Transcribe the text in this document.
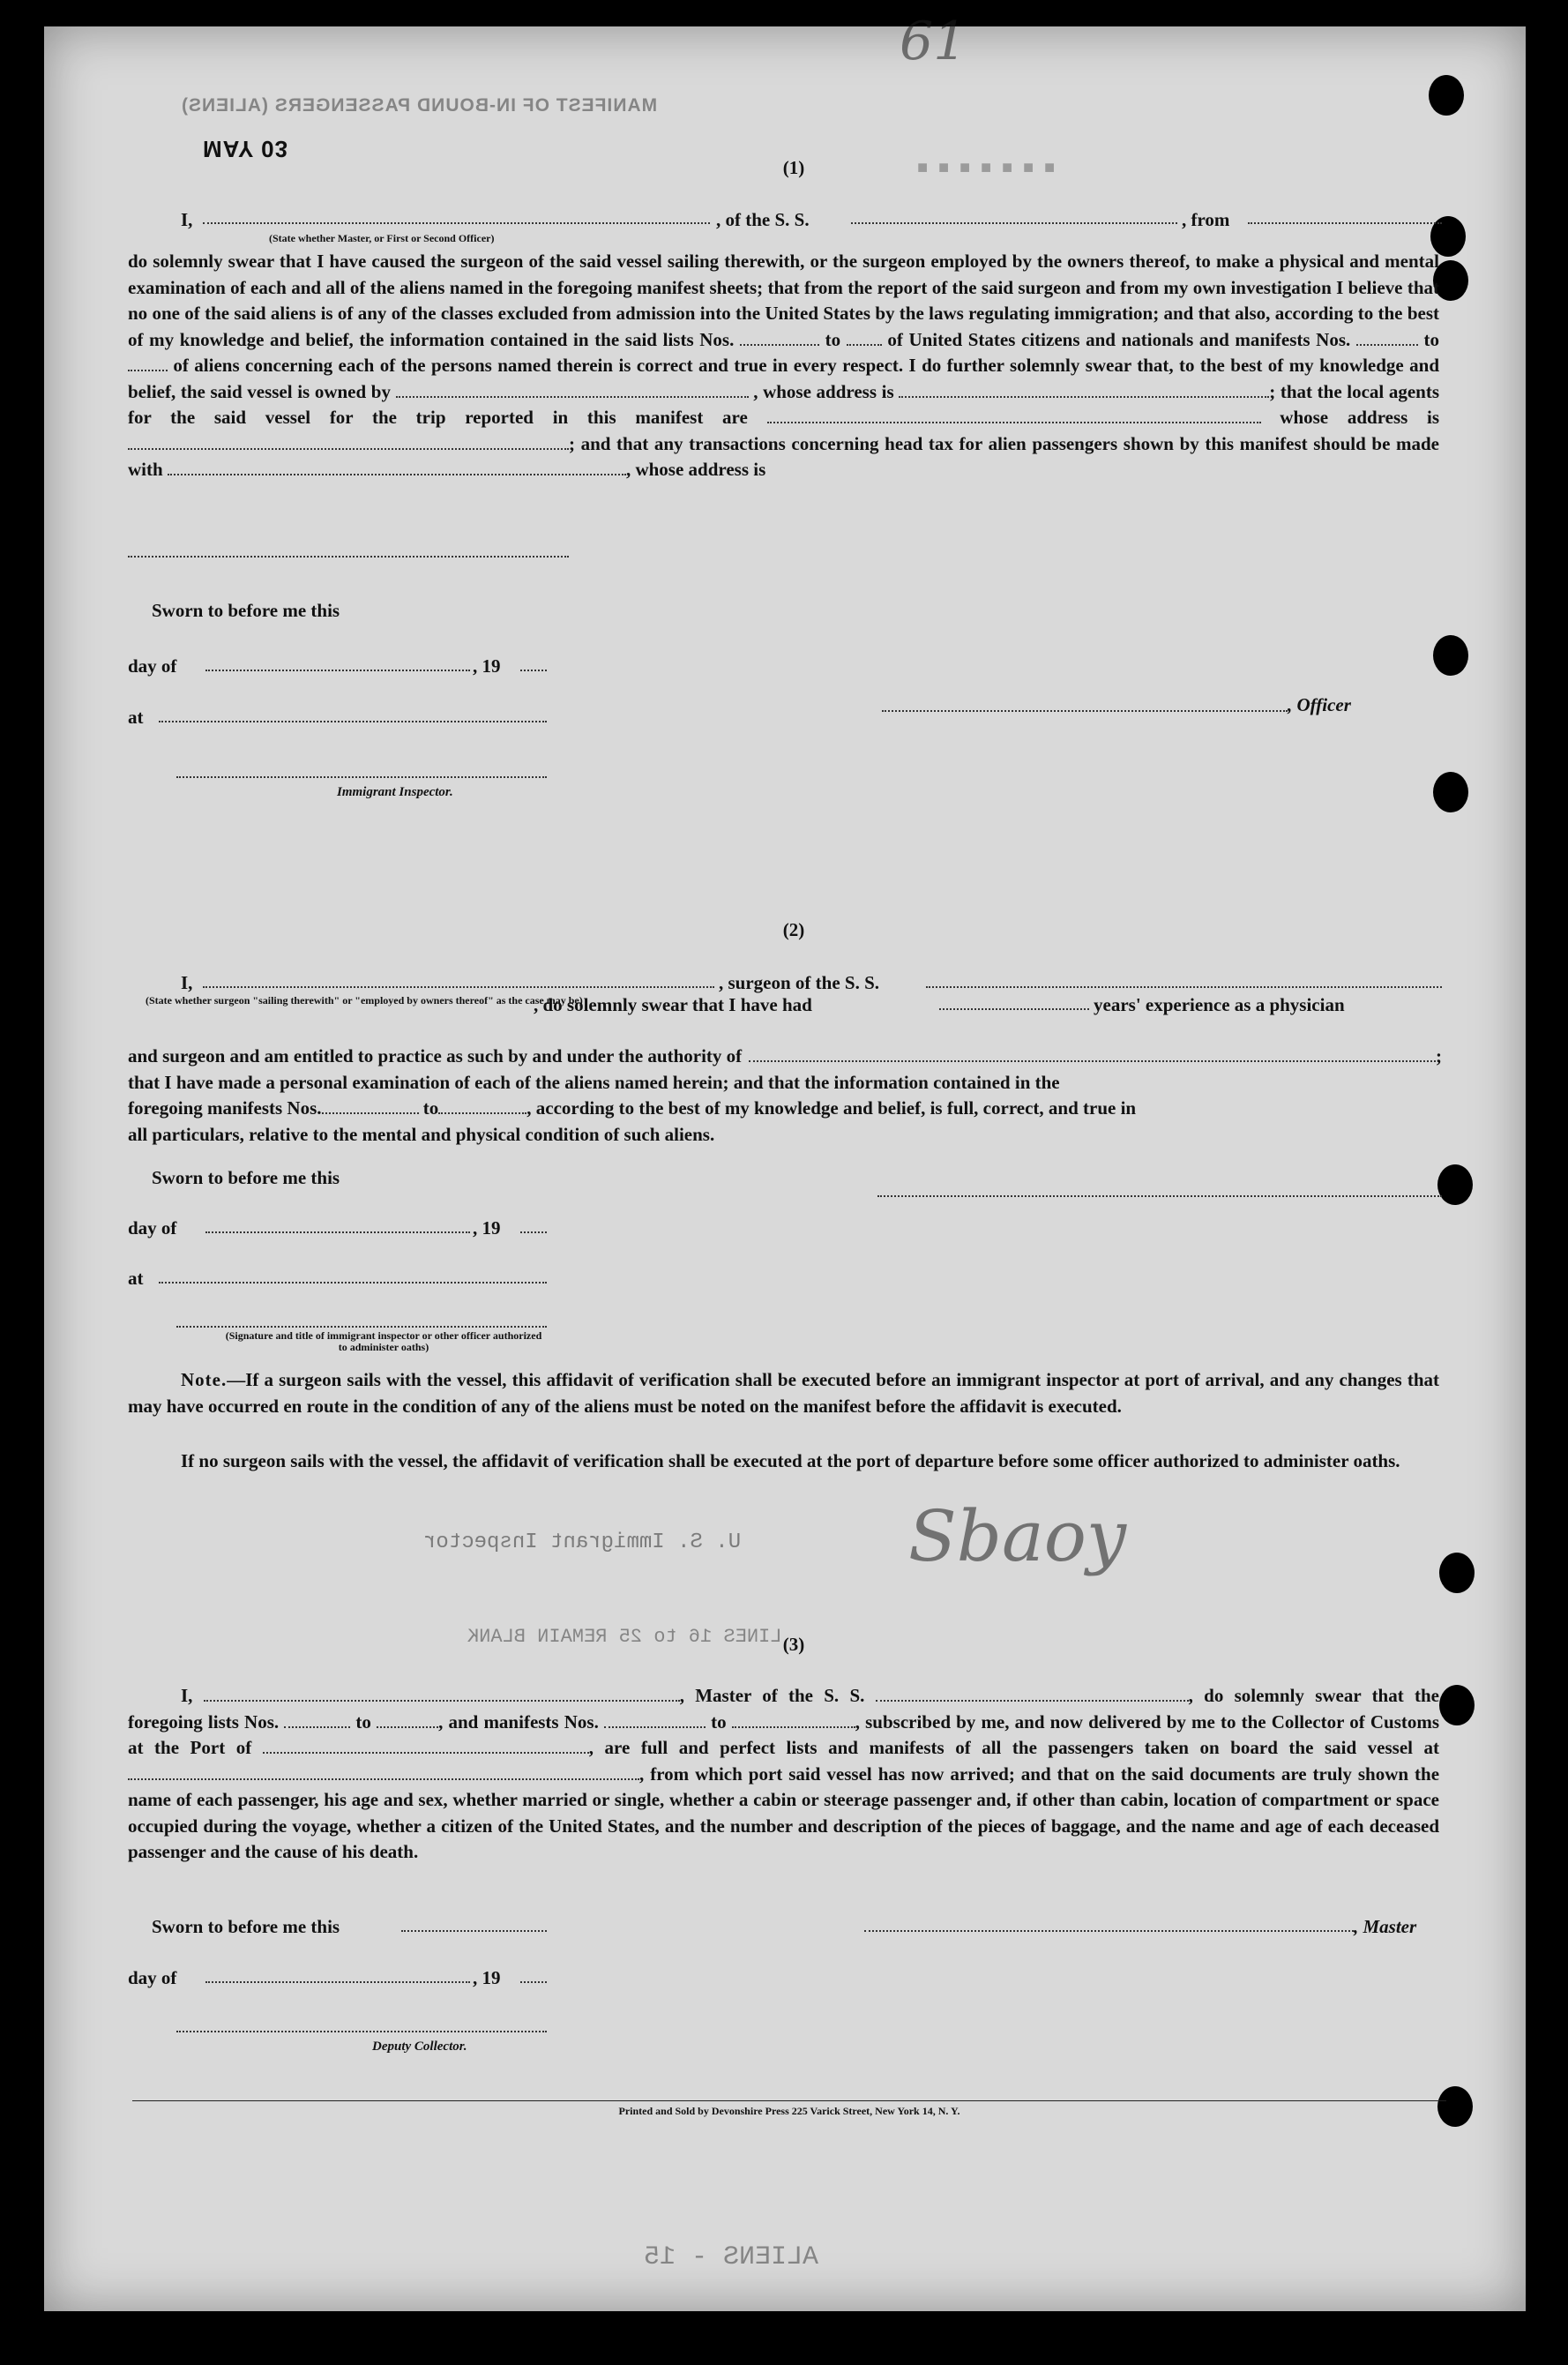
MANIFEST OF IN-BOUND PASSENGERS (ALIENS)
61
MAY 03
■ ■ ■ ■ ■ ■ ■
(1)
I,	, of the S. S.	, from
(State whether Master, or First or Second Officer)
do solemnly swear that I have caused the surgeon of the said vessel sailing therewith, or the surgeon employed by the owners thereof, to make a physical and mental examination of each and all of the aliens named in the foregoing manifest sheets; that from the report of the said surgeon and from my own investigation I believe that no one of the said aliens is of any of the classes excluded from admission into the United States by the laws regulating immigration; and that also, according to the best of my knowledge and belief, the information contained in the said lists Nos.	to	of United States citizens and nationals and manifests Nos.	to  of aliens concerning each of the persons named therein is correct and true in every respect. I do further solemnly swear that, to the best of my knowledge and belief, the said vessel is owned by	, whose address is	; that the local agents for the said vessel for the trip reported in this manifest are	whose address is ; and that any transactions concerning head tax for alien passengers shown by this manifest should be made with	, whose address is
Sworn to before me this
day of	, 19
at
Immigrant Inspector.
, Officer
(2)
I,	, surgeon of the S. S.
(State whether surgeon "sailing therewith" or "employed by owners thereof" as the case may be)
, do solemnly swear that I have had	years' experience as a physician
and surgeon and am entitled to practice as such by and under the authority of	;
that I have made a personal examination of each of the aliens named herein; and that the information contained in the
foregoing manifests Nos.	to	, according to the best of my knowledge and belief, is full, correct, and true in
all particulars, relative to the mental and physical condition of such aliens.
Sworn to before me this
day of	, 19
at
(Signature and title of immigrant inspector or other officer authorized to administer oaths)
Note.—If a surgeon sails with the vessel, this affidavit of verification shall be executed before an immigrant inspector at port of arrival, and any changes that may have occurred en route in the condition of any of the aliens must be noted on the manifest before the affidavit is executed.
If no surgeon sails with the vessel, the affidavit of verification shall be executed at the port of departure before some officer authorized to administer oaths.
U. S. Immigrant Inspector Sbaoy
LINES 16 to 25 REMAIN BLANK (3)
I,	, Master of the S. S.	, do solemnly swear that the foregoing lists Nos.	to	, and manifests Nos.	to	, subscribed by me, and now delivered by me to the Collector of Customs at the Port of	, are full and perfect lists and manifests of all the passengers taken on board the said vessel at , from which port said vessel has now arrived; and that on the said documents are truly shown the name of each passenger, his age and sex, whether married or single, whether a cabin or steerage passenger and, if other than cabin, location of compartment or space occupied during the voyage, whether a citizen of the United States, and the number and description of the pieces of baggage, and the name and age of each deceased passenger and the cause of his death.
Sworn to before me this	, Master
day of	, 19
Deputy Collector.
Printed and Sold by Devonshire Press 225 Varick Street, New York 14, N. Y.
ALIENS - 15
